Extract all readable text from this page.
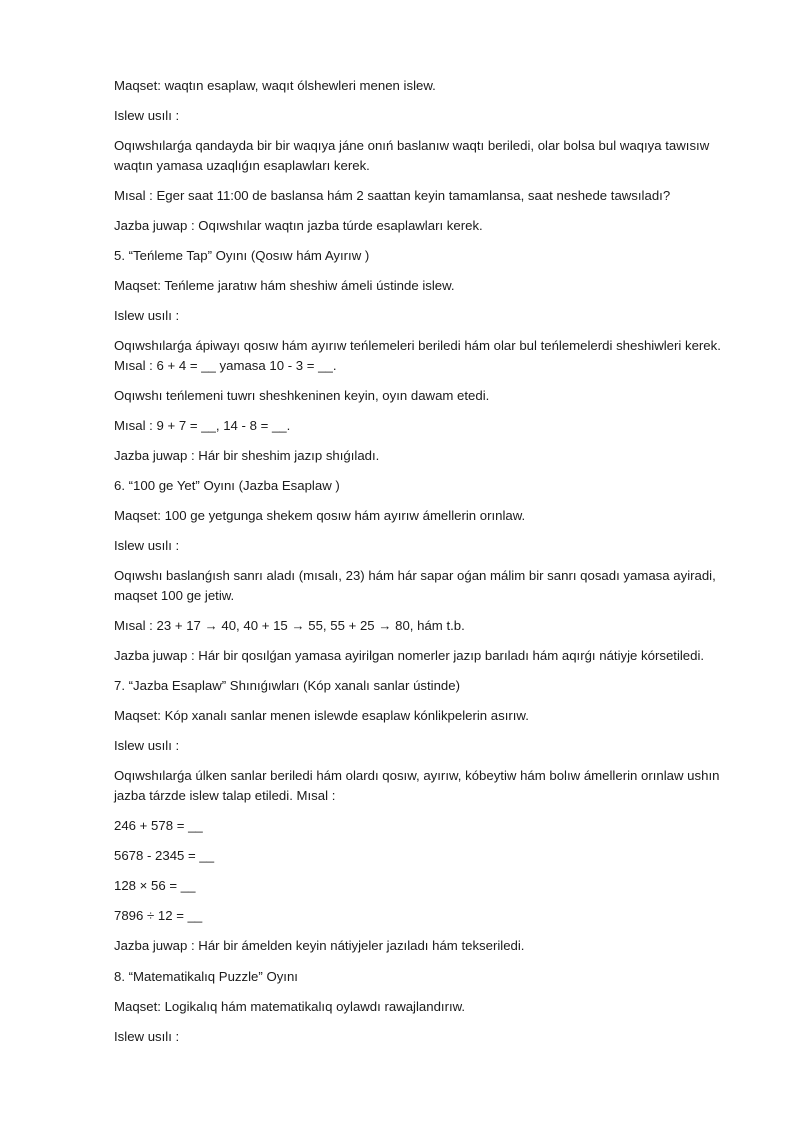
Maqset: waqtın esaplaw, waqıt ólshewleri menen islew.

Islew usılı :

Oqıwshılarǵa qandayda bir bir waqıya jáne onıń baslanıw waqtı beriledi, olar bolsa bul waqıya tawısıw waqtın yamasa uzaqlıǵın esaplawları kerek.

Mısal : Eger saat 11:00 de baslansa hám 2 saattan keyin tamamlansa, saat neshede tawsıladı?

Jazba juwap : Oqıwshılar waqtın jazba túrde esaplawları kerek.

5. “Teńleme Tap” Oyını (Qosıw hám Ayırıw )

Maqset: Teńleme jaratıw hám sheshiw ámeli ústinde islew.

Islew usılı :

Oqıwshılarǵa ápiwayı qosıw hám ayırıw teńlemeleri beriledi hám olar bul teńlemelerdi sheshiwleri kerek. Mısal : 6 + 4 = __ yamasa 10 - 3 = __.

Oqıwshı teńlemeni tuwrı sheshkeninen keyin, oyın dawam etedi.

Mısal : 9 + 7 = __, 14 - 8 = __.

Jazba juwap : Hár bir sheshim jazıp shıǵıladı.

6. “100 ge Yet” Oyını (Jazba Esaplaw )

Maqset: 100 ge yetgunga shekem qosıw hám ayırıw ámellerin orınlaw.

Islew usılı :

Oqıwshı baslanǵısh sanrı aladı (mısalı, 23) hám hár sapar oǵan málim bir sanrı qosadı yamasa ayiradi, maqset 100 ge jetiw.

Mısal : 23 + 17 → 40, 40 + 15 → 55, 55 + 25 → 80, hám t.b.

Jazba juwap : Hár bir qosılǵan yamasa ayirilgan nomerler jazıp barıladı hám aqırǵı nátiyje kórsetiledi.

7. “Jazba Esaplaw” Shınıǵıwları (Kóp xanalı sanlar ústinde)

Maqset: Kóp xanalı sanlar menen islewde esaplaw kónlikpelerin asırıw.

Islew usılı :

Oqıwshılarǵa úlken sanlar beriledi hám olardı qosıw, ayırıw, kóbeytiw hám bolıw ámellerin orınlaw ushın jazba tárzde islew talap etiledi. Mısal :

246 + 578 = __

5678 - 2345 = __

128 × 56 = __

7896 ÷ 12 = __

Jazba juwap : Hár bir ámelden keyin nátiyjeler jazıladı hám tekseriledi.

8. “Matematikalıq Puzzle” Oyını

Maqset: Logikalıq hám matematikalıq oylawdı rawajlandırıw.

Islew usılı :
